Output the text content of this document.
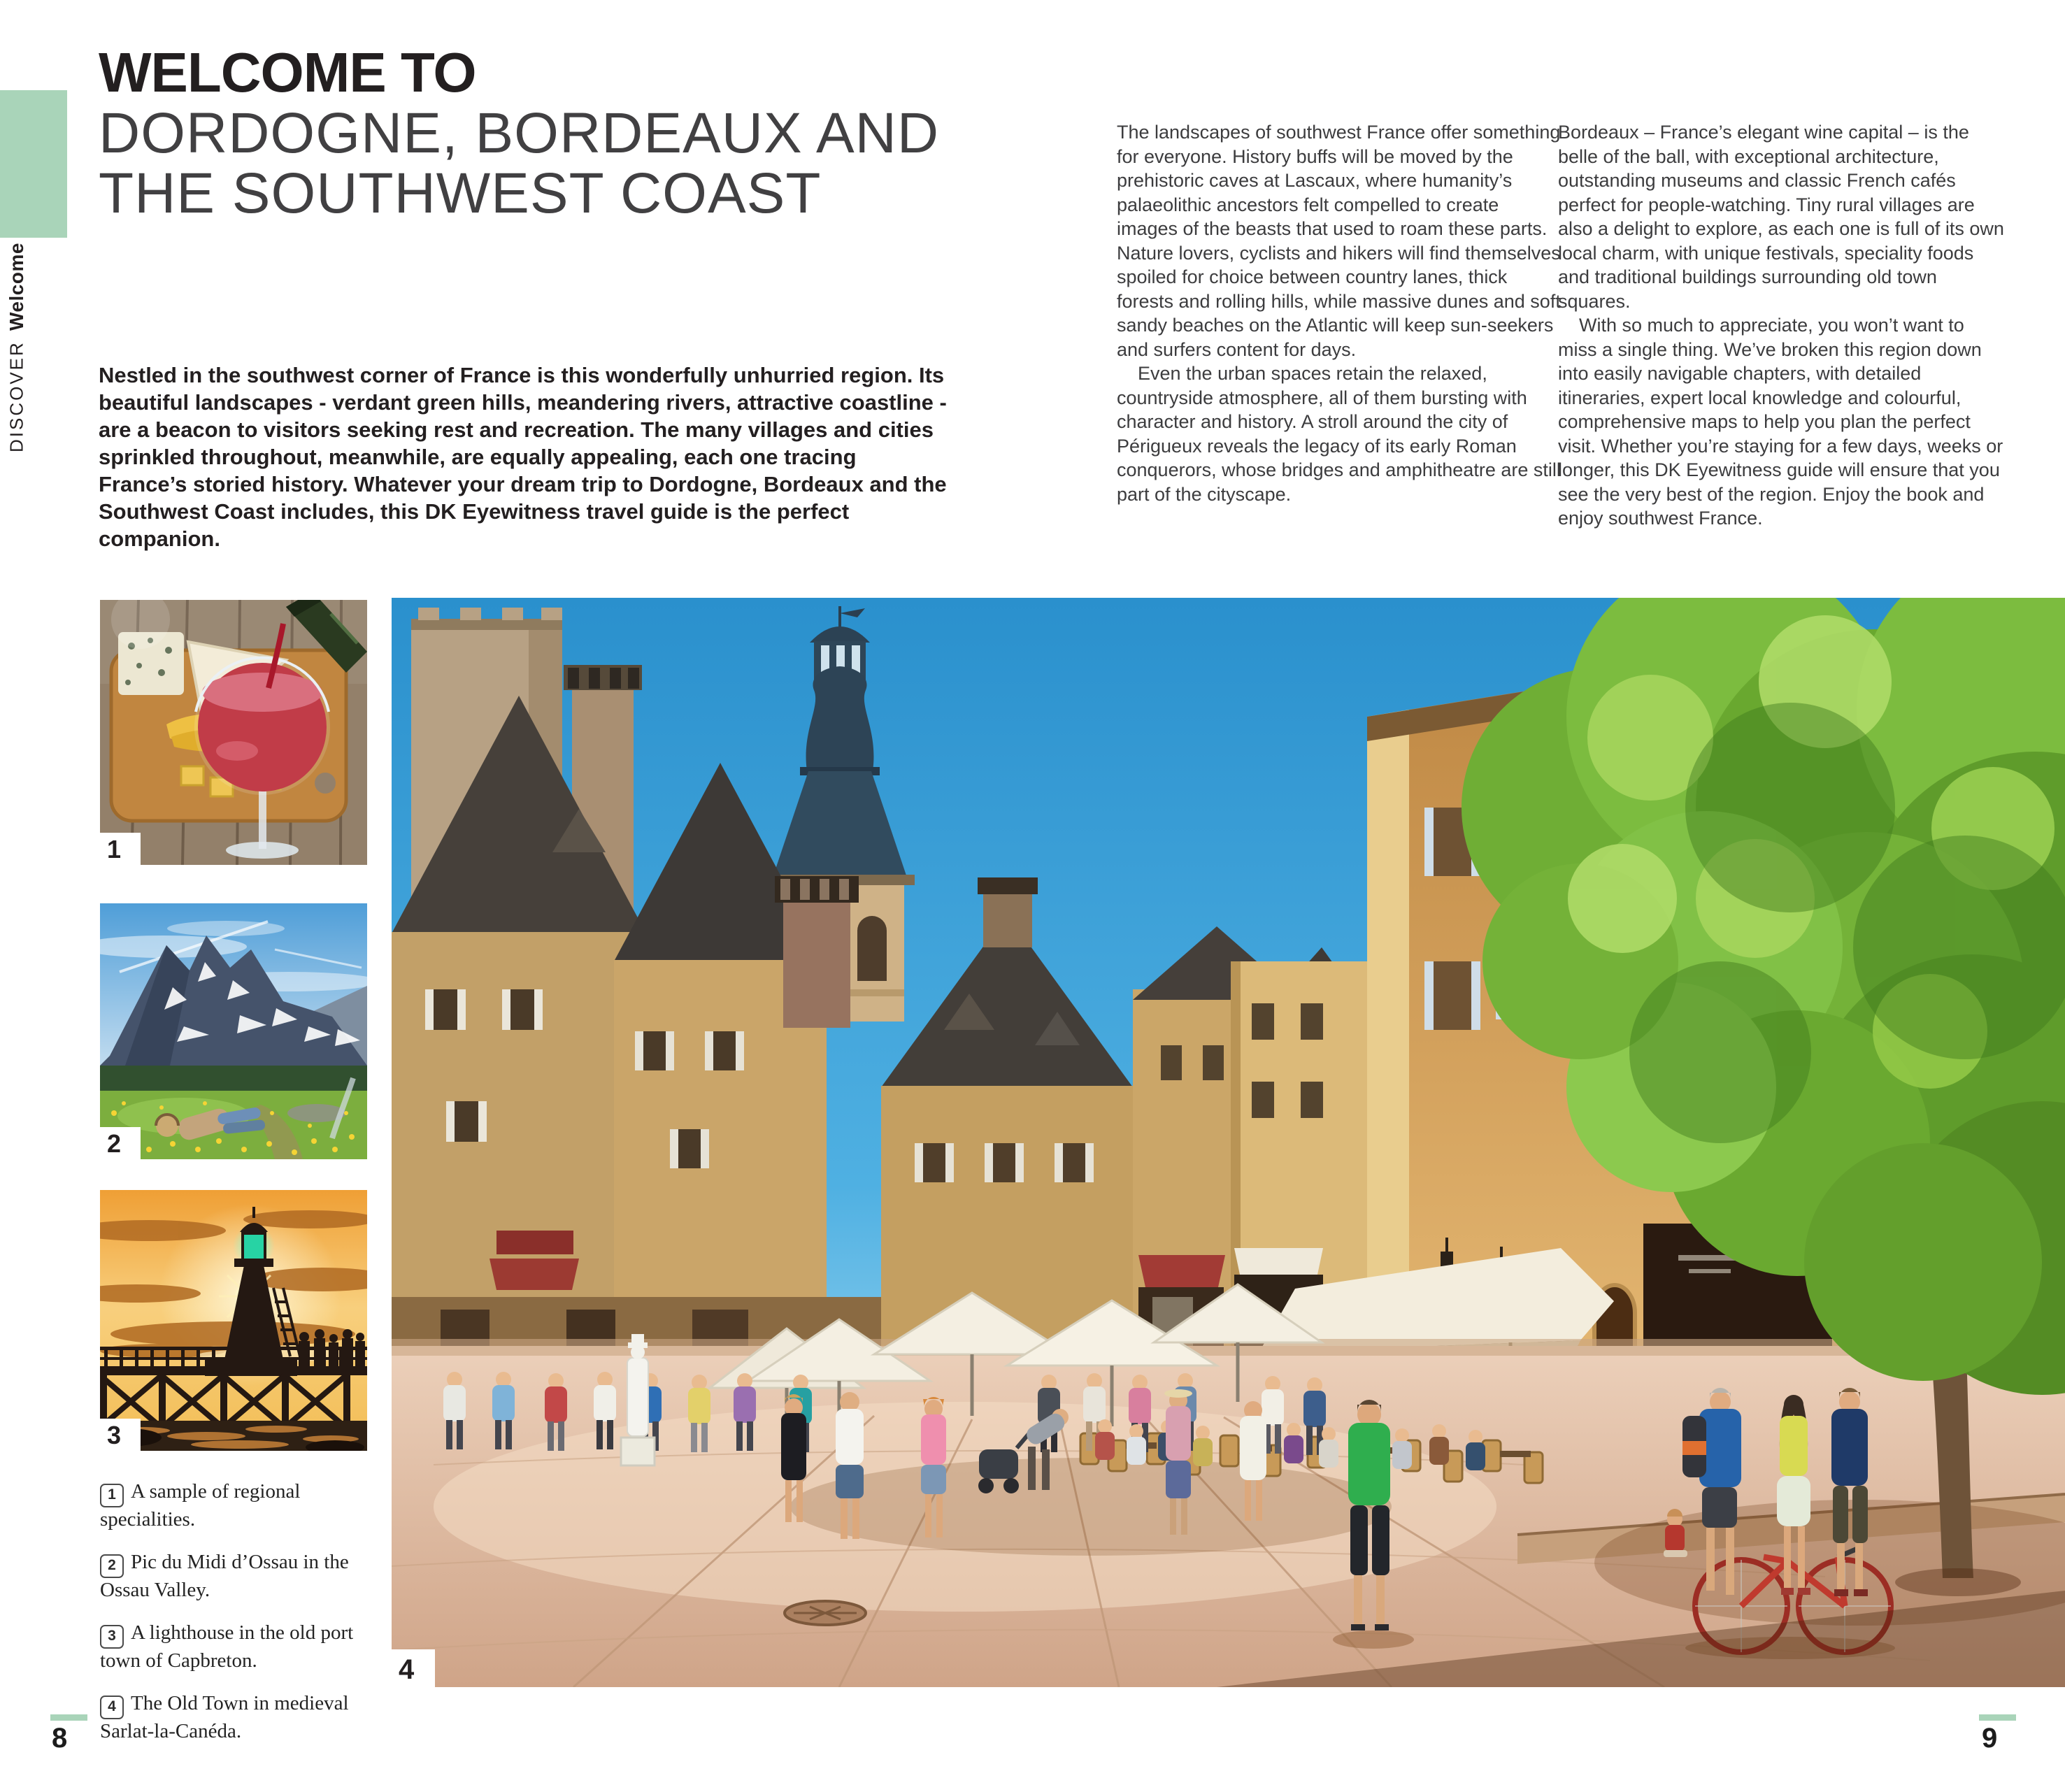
DISCOVER
Welcome
WELCOME TO
DORDOGNE, BORDEAUX AND
THE SOUTHWEST COAST

Nestled in the southwest corner of France is this wonderfully unhurried region. Its beautiful landscapes - verdant green hills, meandering rivers, attractive coastline - are a beacon to visitors seeking rest and recreation. The many villages and cities sprinkled throughout, meanwhile, are equally appealing, each one tracing France’s storied history. Whatever your dream trip to Dordogne, Bordeaux and the Southwest Coast includes, this DK Eyewitness travel guide is the perfect companion.

The landscapes of southwest France offer something for everyone. History buffs will be moved by the prehistoric caves at Lascaux, where humanity’s palaeolithic ancestors felt compelled to create images of the beasts that used to roam these parts. Nature lovers, cyclists and hikers will find themselves spoiled for choice between country lanes, thick forests and rolling hills, while massive dunes and soft sandy beaches on the Atlantic will keep sun-seekers and surfers content for days.

Even the urban spaces retain the relaxed, countryside atmosphere, all of them bursting with character and history. A stroll around the city of Périgueux reveals the legacy of its early Roman conquerors, whose bridges and amphitheatre are still part of the cityscape.

Bordeaux – France’s elegant wine capital – is the belle of the ball, with exceptional architecture, outstanding museums and classic French cafés perfect for people-watching. Tiny rural villages are also a delight to explore, as each one is full of its own local charm, with unique festivals, speciality foods and traditional buildings surrounding old town squares.

With so much to appreciate, you won’t want to miss a single thing. We’ve broken this region down into easily navigable chapters, with detailed itineraries, expert local knowledge and colourful, comprehensive maps to help you plan the perfect visit. Whether you’re staying for a few days, weeks or longer, this DK Eyewitness guide will ensure that you see the very best of the region. Enjoy the book and enjoy southwest France.

1
2
3
4

1 A sample of regional specialities.

2 Pic du Midi d’Ossau in the Ossau Valley.

3 A lighthouse in the old port town of Capbreton.

4 The Old Town in medieval Sarlat-la-Canéda.

8	9
